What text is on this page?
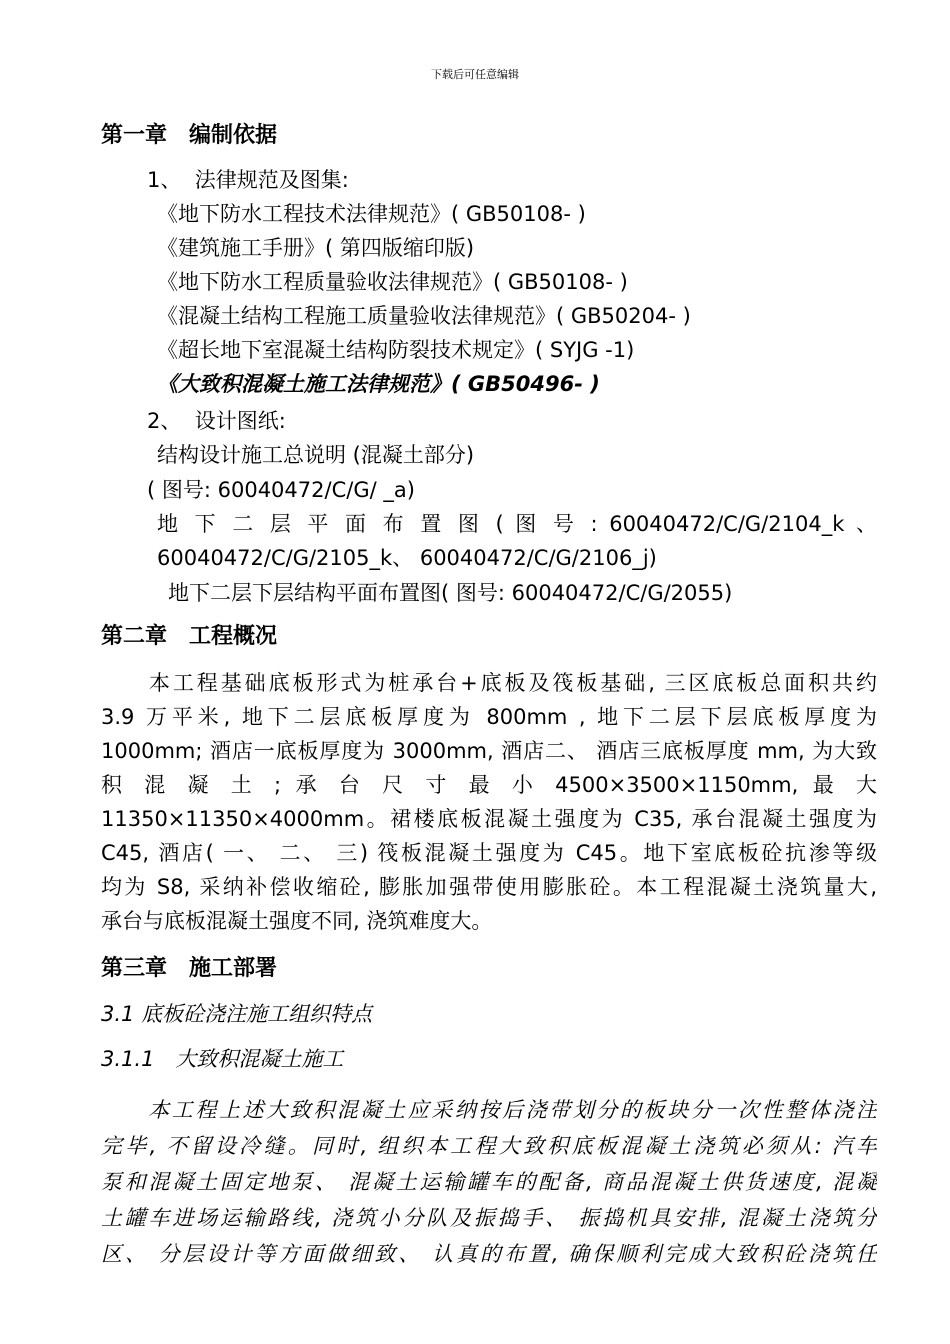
下载后可任意编辑
第一章　编制依据
1、  法律规范及图集:
《地下防水工程技术法律规范》( GB50108- )
《建筑施工手册》( 第四版缩印版)
《地下防水工程质量验收法律规范》( GB50108- )
《混凝土结构工程施工质量验收法律规范》( GB50204- )
《超长地下室混凝土结构防裂技术规定》( SYJG -1)
《大致积混凝土施工法律规范》( GB50496- )
2、  设计图纸:
结构设计施工总说明 (混凝土部分)
( 图号: 60040472/C/G/ _a)
地 下 二 层 平 面 布 置 图 ( 图 号 : 60040472/C/G/2104_k 、
60040472/C/G/2105_k、 60040472/C/G/2106_j)
地下二层下层结构平面布置图( 图号: 60040472/C/G/2055)
第二章　工程概况
　　本工程基础底板形式为桩承台+底板及筏板基础, 三区底板总面积共约
3.9 万平米, 地下二层底板厚度为 800mm , 地下二层下层底板厚度为
1000mm; 酒店一底板厚度为 3000mm, 酒店二、 酒店三底板厚度 mm, 为大致
积 混 凝 土 ; 承 台 尺 寸 最 小 4500×3500×1150mm, 最 大
11350×11350×4000mm。裙楼底板混凝土强度为 C35, 承台混凝土强度为
C45, 酒店( 一、 二、 三) 筏板混凝土强度为 C45。地下室底板砼抗渗等级
均为 S8, 采纳补偿收缩砼, 膨胀加强带使用膨胀砼。本工程混凝土浇筑量大,
承台与底板混凝土强度不同, 浇筑难度大。
第三章　施工部署
3.1 底板砼浇注施工组织特点
3.1.1　大致积混凝土施工
　　本工程上述大致积混凝土应采纳按后浇带划分的板块分一次性整体浇注
完毕, 不留设冷缝。同时, 组织本工程大致积底板混凝土浇筑必须从: 汽车
泵和混凝土固定地泵、 混凝土运输罐车的配备, 商品混凝土供货速度, 混凝
土罐车进场运输路线, 浇筑小分队及振捣手、 振捣机具安排, 混凝土浇筑分
区、 分层设计等方面做细致、 认真的布置, 确保顺利完成大致积砼浇筑任
